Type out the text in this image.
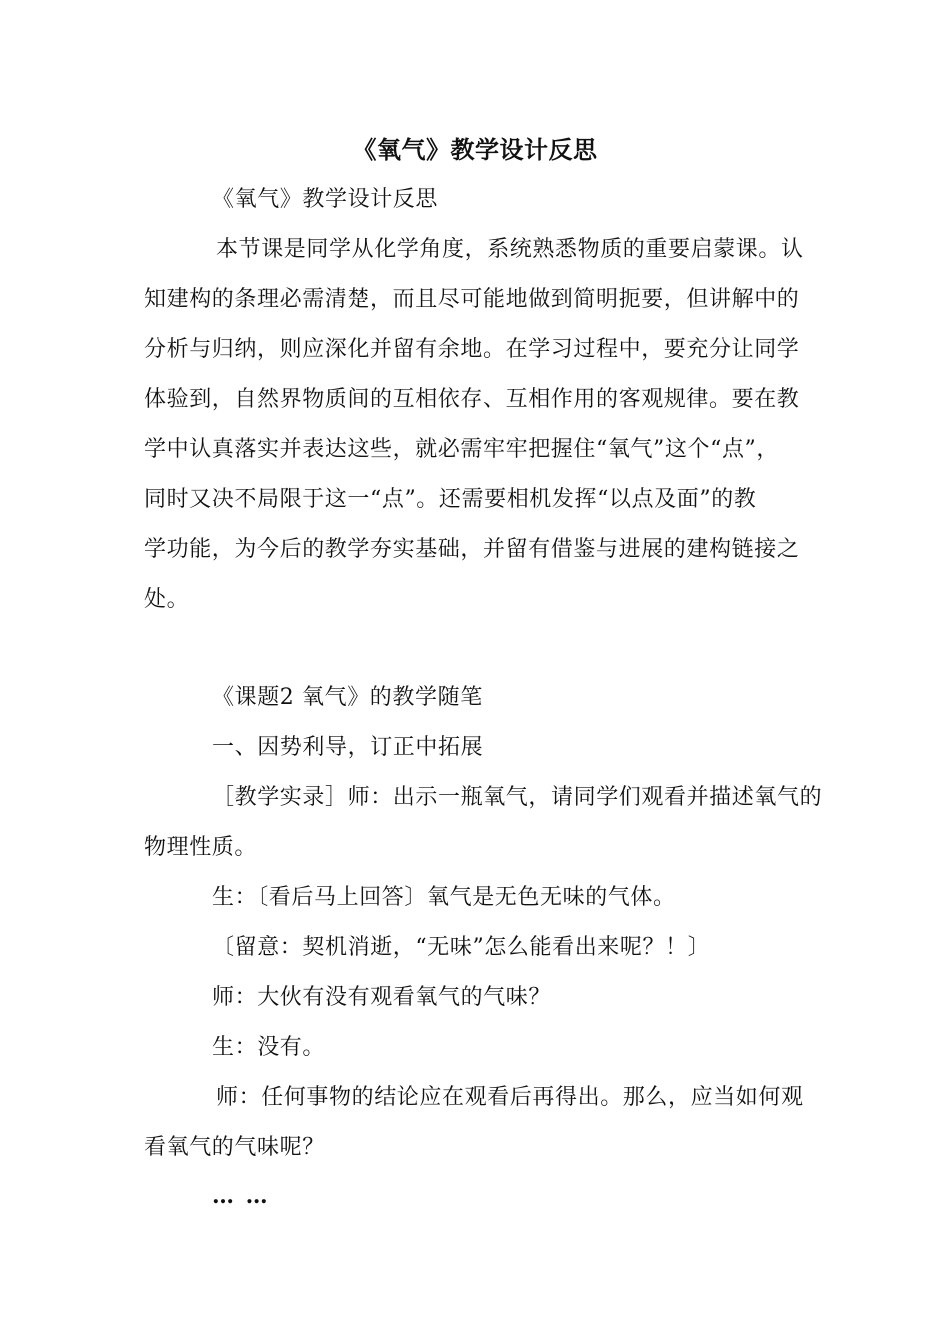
《氧气》教学设计反思
《氧气》教学设计反思
本节课是同学从化学角度，系统熟悉物质的重要启蒙课。认
知建构的条理必需清楚，而且尽可能地做到简明扼要，但讲解中的
分析与归纳，则应深化并留有余地。在学习过程中，要充分让同学
体验到，自然界物质间的互相依存、互相作用的客观规律。要在教
学中认真落实并表达这些，就必需牢牢把握住“氧气”这个“点”，
同时又决不局限于这一“点”。还需要相机发挥“以点及面”的教
学功能，为今后的教学夯实基础，并留有借鉴与进展的建构链接之
处。
《课题2 氧气》的教学随笔
一、因势利导，订正中拓展
［教学实录］师：出示一瓶氧气，请同学们观看并描述氧气的
物理性质。
生：〔看后马上回答〕氧气是无色无味的气体。
〔留意：契机消逝，“无味”怎么能看出来呢？！〕
师：大伙有没有观看氧气的气味？
生：没有。
师：任何事物的结论应在观看后再得出。那么，应当如何观
看氧气的气味呢？
… …
